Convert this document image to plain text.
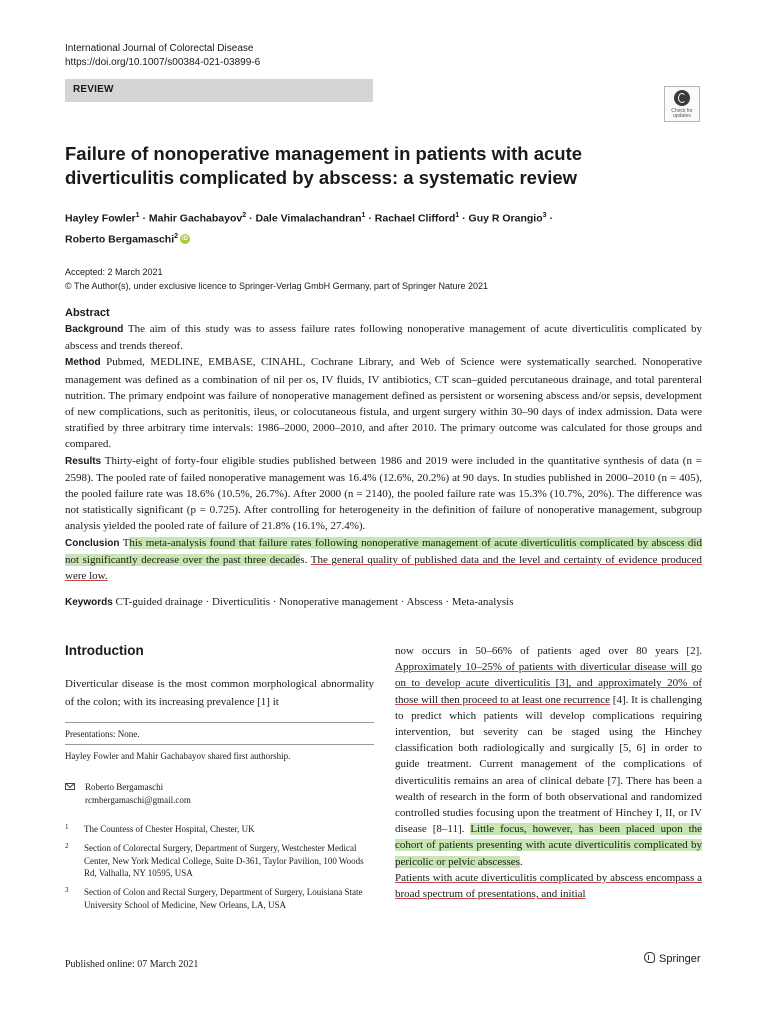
International Journal of Colorectal Disease
https://doi.org/10.1007/s00384-021-03899-6
REVIEW
Check for updates
Failure of nonoperative management in patients with acute diverticulitis complicated by abscess: a systematic review
Hayley Fowler$^1$ · Mahir Gachabayov$^2$ · Dale Vimalachandran$^1$ · Rachael Clifford$^1$ · Guy R Orangio$^3$ ·
Roberto Bergamaschi$^2$ iD
Accepted: 2 March 2021
© The Author(s), under exclusive licence to Springer-Verlag GmbH Germany, part of Springer Nature 2021
Abstract
Background The aim of this study was to assess failure rates following nonoperative management of acute diverticulitis complicated by abscess and trends thereof.
Method Pubmed, MEDLINE, EMBASE, CINAHL, Cochrane Library, and Web of Science were systematically searched. Nonoperative management was defined as a combination of nil per os, IV fluids, IV antibiotics, CT scan–guided percutaneous drainage, and total parenteral nutrition. The primary endpoint was failure of nonoperative management defined as persistent or worsening abscess and/or sepsis, development of new complications, such as peritonitis, ileus, or colocutaneous fistula, and urgent surgery within 30–90 days of index admission. Data were stratified by three arbitrary time intervals: 1986–2000, 2000–2010, and after 2010. The primary outcome was calculated for those groups and compared.
Results Thirty-eight of forty-four eligible studies published between 1986 and 2019 were included in the quantitative synthesis of data (n = 2598). The pooled rate of failed nonoperative management was 16.4% (12.6%, 20.2%) at 90 days. In studies published in 2000–2010 (n = 405), the pooled failure rate was 18.6% (10.5%, 26.7%). After 2000 (n = 2140), the pooled failure rate was 15.3% (10.7%, 20%). The difference was not statistically significant (p = 0.725). After controlling for heterogeneity in the definition of failure of nonoperative management, subgroup analysis yielded the pooled rate of failure of 21.8% (16.1%, 27.4%).
Conclusion This meta-analysis found that failure rates following nonoperative management of acute diverticulitis complicated by abscess did not significantly decrease over the past three decades. The general quality of published data and the level and certainty of evidence produced were low.
Keywords CT-guided drainage · Diverticulitis · Nonoperative management · Abscess · Meta-analysis
Introduction
Diverticular disease is the most common morphological abnormality of the colon; with its increasing prevalence [1] it
Presentations: None.
Hayley Fowler and Mahir Gachabayov shared first authorship.
Roberto Bergamaschi
rcmbergamaschi@gmail.com
1 The Countess of Chester Hospital, Chester, UK
2 Section of Colorectal Surgery, Department of Surgery, Westchester Medical Center, New York Medical College, Suite D-361, Taylor Pavilion, 100 Woods Rd, Valhalla, NY 10595, USA
3 Section of Colon and Rectal Surgery, Department of Surgery, Louisiana State University School of Medicine, New Orleans, LA, USA
now occurs in 50–66% of patients aged over 80 years [2]. Approximately 10–25% of patients with diverticular disease will go on to develop acute diverticulitis [3], and approximately 20% of those will then proceed to at least one recurrence [4]. It is challenging to predict which patients will develop complications requiring intervention, but severity can be staged using the Hinchey classification both radiologically and surgically [5, 6] in order to guide treatment. Current management of the complications of diverticulitis remains an area of clinical debate [7]. There has been a wealth of research in the form of both observational and randomized controlled studies focusing upon the treatment of Hinchey I, II, or IV disease [8–11]. Little focus, however, has been placed upon the cohort of patients presenting with acute diverticulitis complicated by pericolic or pelvic abscesses.
Patients with acute diverticulitis complicated by abscess encompass a broad spectrum of presentations, and initial
Published online: 07 March 2021	Springer
